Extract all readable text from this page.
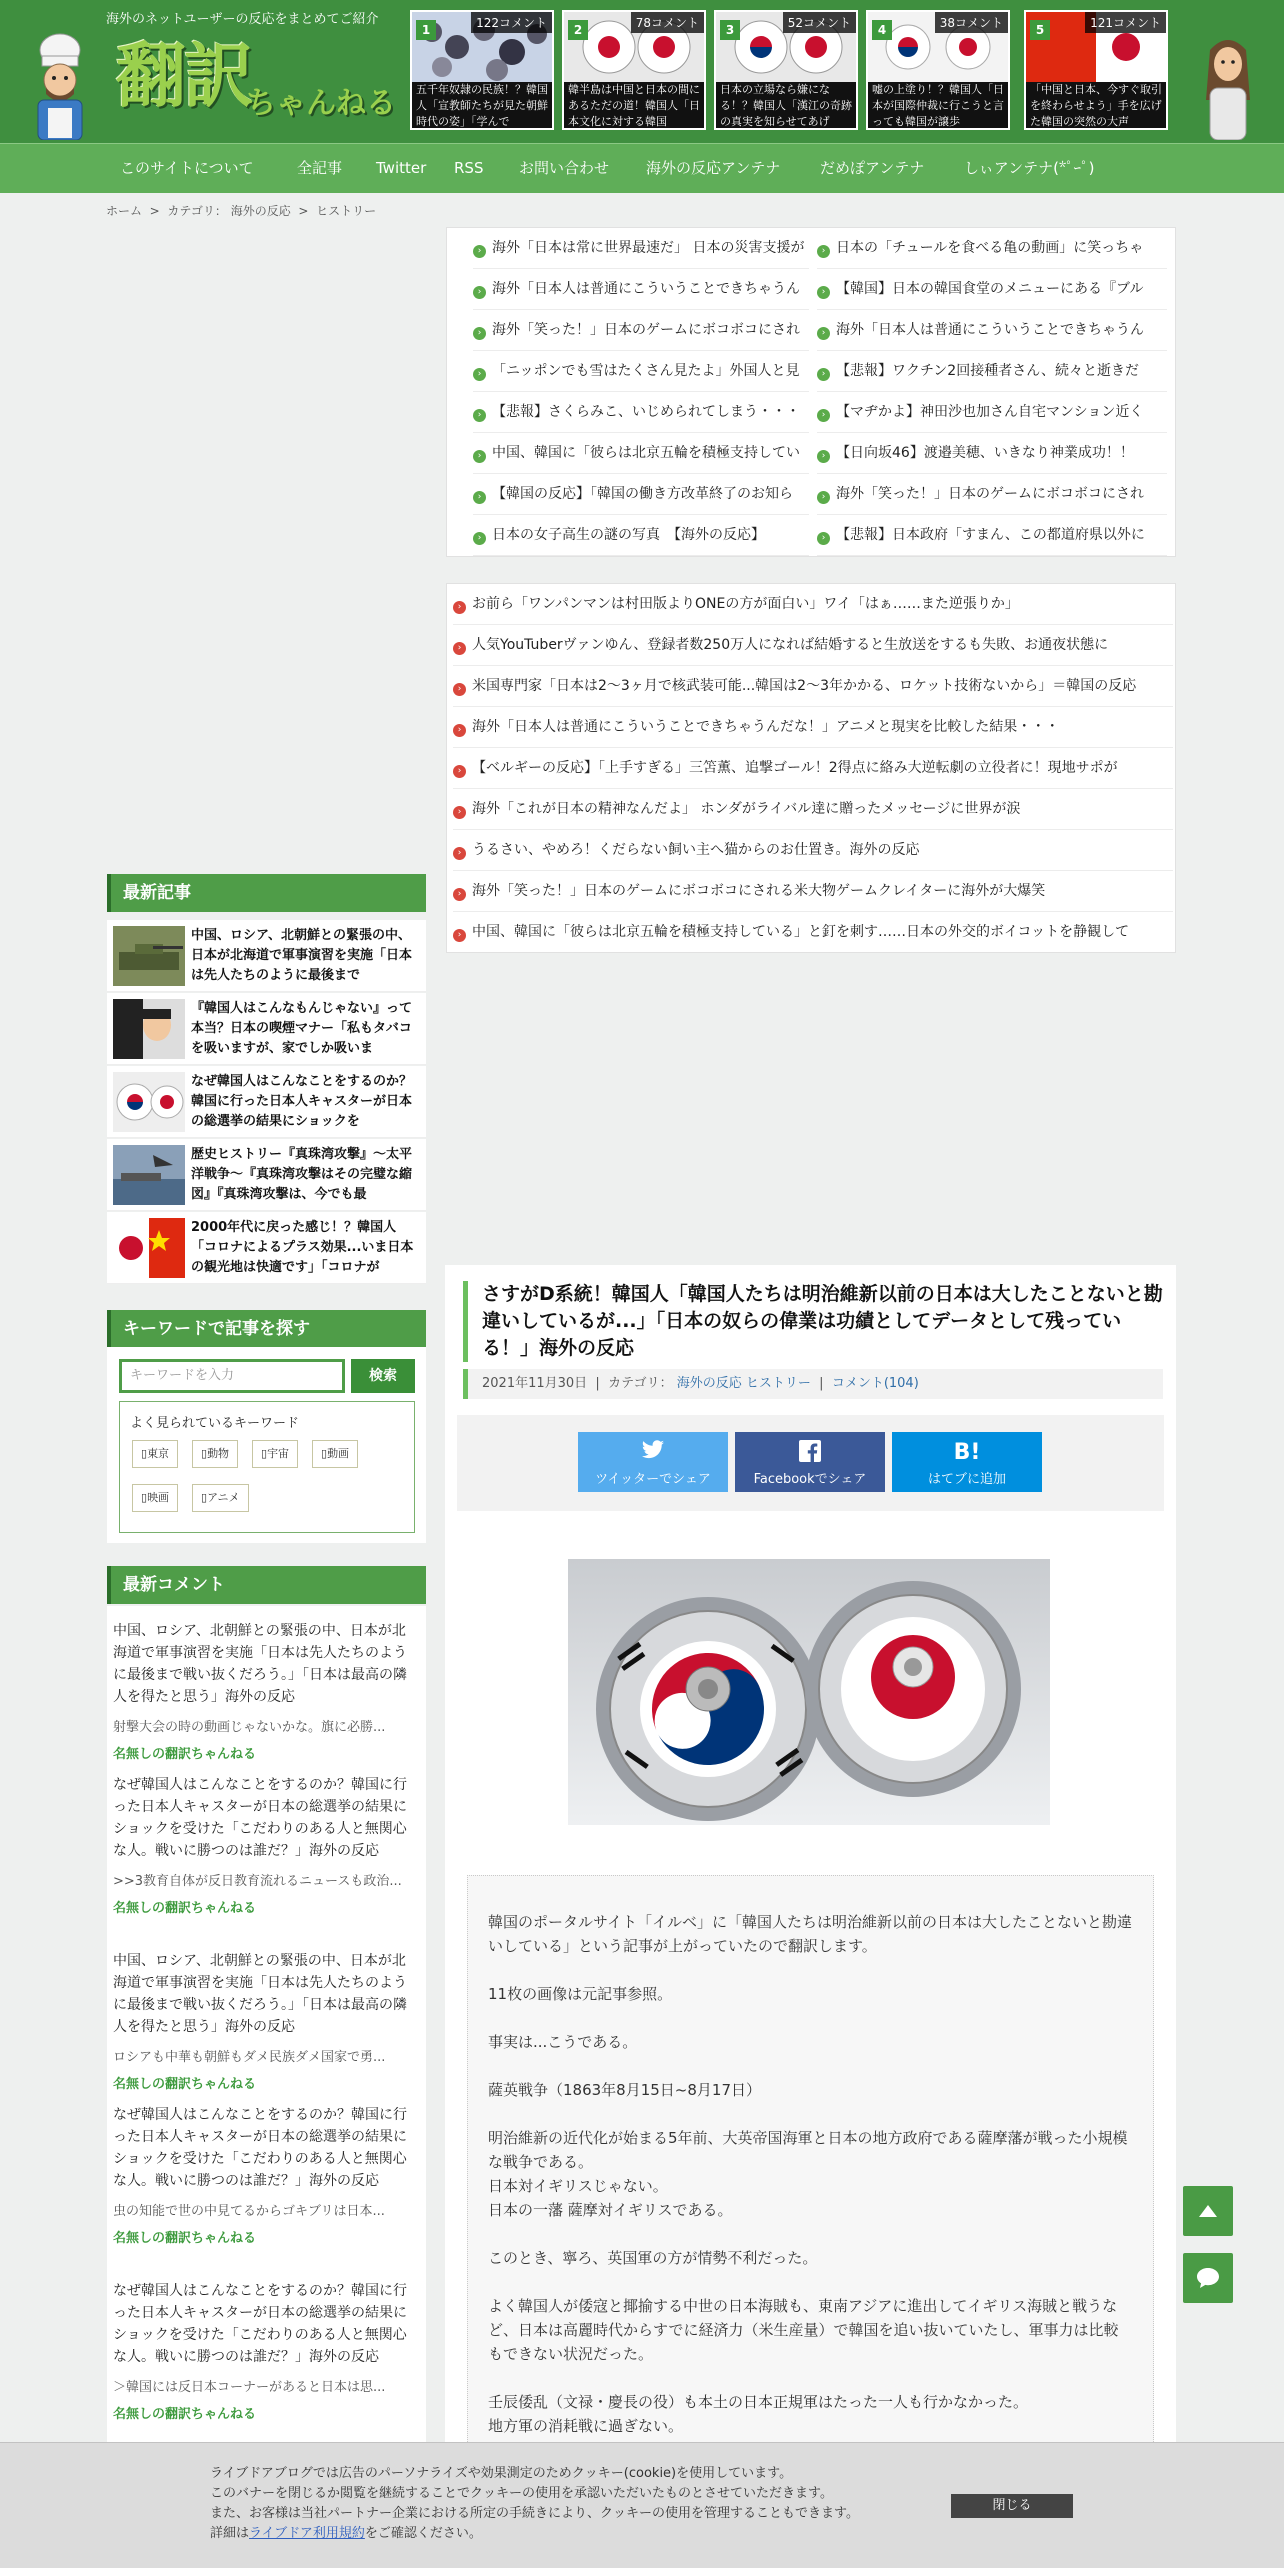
海外のネットユーザーの反応をまとめてご紹介
翻訳
ちゃんねる
1	122コメント
五千年奴隷の民族！？韓国人「宣教師たちが見た朝鮮時代の姿」「学んで
2	78コメント
韓半島は中国と日本の間にあるただの道！韓国人「日本文化に対する韓国
3	52コメント
日本の立場なら嫌になる！？韓国人「漢江の奇跡の真実を知らせてあげ
4	38コメント
嘘の上塗り！？韓国人「日本が国際仲裁に行こうと言っても韓国が譲歩
5	121コメント
「中国と日本、今すぐ取引を終わらせよう」手を広げた韓国の突然の大声
このサイトについて	全記事 Twitter RSS お問い合わせ 海外の反応アンテナ	だめぽアンテナ	しぃアンテナ(*ﾟｰﾟ)
ホーム > カテゴリ： 海外の反応 > ヒストリー
› 海外「日本は常に世界最速だ」 日本の災害支援が	› 日本の「チュールを食べる亀の動画」に笑っちゃ
› 海外「日本人は普通にこういうことできちゃうん	› 【韓国】日本の韓国食堂のメニューにある『ブル
› 海外「笑った！」日本のゲームにボコボコにされ	› 海外「日本人は普通にこういうことできちゃうん
› 「ニッポンでも雪はたくさん見たよ」外国人と見	› 【悲報】ワクチン2回接種者さん、続々と逝きだ
› 【悲報】さくらみこ、いじめられてしまう・・・	› 【マヂかよ】神田沙也加さん自宅マンション近く
› 中国、韓国に「彼らは北京五輪を積極支持してい	› 【日向坂46】渡邉美穂、いきなり神業成功！！
› 【韓国の反応】「韓国の働き方改革終了のお知ら	› 海外「笑った！」日本のゲームにボコボコにされ
› 日本の女子高生の謎の写真　【海外の反応】	› 【悲報】日本政府「すまん、この都道府県以外に
› お前ら「ワンパンマンは村田版よりONEの方が面白い」ワイ「はぁ……また逆張りか」
› 人気YouTuberヴァンゆん、登録者数250万人になれば結婚すると生放送をするも失敗、お通夜状態に
› 米国専門家「日本は2〜3ヶ月で核武装可能...韓国は2〜3年かかる、ロケット技術ないから」＝韓国の反応
› 海外「日本人は普通にこういうことできちゃうんだな！」アニメと現実を比較した結果・・・
› 【ベルギーの反応】「上手すぎる」三笘薫、追撃ゴール！2得点に絡み大逆転劇の立役者に！現地サポが
› 海外「これが日本の精神なんだよ」 ホンダがライバル達に贈ったメッセージに世界が涙
› うるさい、やめろ！くだらない飼い主へ猫からのお仕置き。海外の反応
› 海外「笑った！」日本のゲームにボコボコにされる米大物ゲームクレイターに海外が大爆笑
› 中国、韓国に「彼らは北京五輪を積極支持している」と釘を刺す……日本の外交的ボイコットを静観して
最新記事
中国、ロシア、北朝鮮との緊張の中、日本が北海道で軍事演習を実施「日本は先人たちのように最後まで
『韓国人はこんなもんじゃない』って本当？日本の喫煙マナー「私もタバコを吸いますが、家でしか吸いま
なぜ韓国人はこんなことをするのか？韓国に行った日本人キャスターが日本の総選挙の結果にショックを
歴史ヒストリー『真珠湾攻撃』～太平洋戦争～『真珠湾攻撃はその完璧な縮図』『真珠湾攻撃は、今でも最
2000年代に戻った感じ！？韓国人「コロナによるプラス効果...いま日本の観光地は快適です」「コロナが
キーワードで記事を探す
キーワードを入力	検索
よく見られているキーワード
▯東京	▯動物	▯宇宙	▯動画
▯映画	▯アニメ
最新コメント
中国、ロシア、北朝鮮との緊張の中、日本が北海道で軍事演習を実施「日本は先人たちのように最後まで戦い抜くだろう。」「日本は最高の隣人を得たと思う」海外の反応
射撃大会の時の動画じゃないかな。旗に必勝...
名無しの翻訳ちゃんねる
なぜ韓国人はこんなことをするのか？韓国に行った日本人キャスターが日本の総選挙の結果にショックを受けた「こだわりのある人と無関心な人。戦いに勝つのは誰だ？」海外の反応
>>3教育自体が反日教育流れるニュースも政治...
名無しの翻訳ちゃんねる
中国、ロシア、北朝鮮との緊張の中、日本が北海道で軍事演習を実施「日本は先人たちのように最後まで戦い抜くだろう。」「日本は最高の隣人を得たと思う」海外の反応
ロシアも中華も朝鮮もダメ民族ダメ国家で勇...
名無しの翻訳ちゃんねる
なぜ韓国人はこんなことをするのか？韓国に行った日本人キャスターが日本の総選挙の結果にショックを受けた「こだわりのある人と無関心な人。戦いに勝つのは誰だ？」海外の反応
虫の知能で世の中見てるからゴキブリは日本...
名無しの翻訳ちゃんねる
なぜ韓国人はこんなことをするのか？韓国に行った日本人キャスターが日本の総選挙の結果にショックを受けた「こだわりのある人と無関心な人。戦いに勝つのは誰だ？」海外の反応
＞韓国には反日本コーナーがあると日本は思...
名無しの翻訳ちゃんねる
さすがD系統！韓国人「韓国人たちは明治維新以前の日本は大したことないと勘違いしているが...」「日本の奴らの偉業は功績としてデータとして残っている！」海外の反応
2021年11月30日  |  カテゴリ： 海外の反応 ヒストリー  |  コメント(104)
ツイッターでシェア	Facebookでシェア
B!
はてブに追加

韓国のポータルサイト「イルベ」に「韓国人たちは明治維新以前の日本は大したことないと勘違いしている」という記事が上がっていたので翻訳します。

11枚の画像は元記事参照。

事実は...こうである。

薩英戦争（1863年8月15日~8月17日）

明治維新の近代化が始まる5年前、大英帝国海軍と日本の地方政府である薩摩藩が戦った小規模な戦争である。

日本対イギリスじゃない。

日本の一藩 薩摩対イギリスである。

このとき、寧ろ、英国軍の方が情勢不利だった。

よく韓国人が倭寇と揶揄する中世の日本海賊も、東南アジアに進出してイギリス海賊と戦うなど、日本は高麗時代からすでに経済力（米生産量）で韓国を追い抜いていたし、軍事力は比較もできない状況だった。

壬辰倭乱（文禄・慶長の役）も本土の日本正規軍はたった一人も行かなかった。

地方軍の消耗戦に過ぎない。

ライブドアブログでは広告のパーソナライズや効果測定のためクッキー(cookie)を使用しています。
このバナーを閉じるか閲覧を継続することでクッキーの使用を承認いただいたものとさせていただきます。
また、お客様は当社パートナー企業における所定の手続きにより、クッキーの使用を管理することもできます。
詳細はライブドア利用規約をご確認ください。
閉じる
